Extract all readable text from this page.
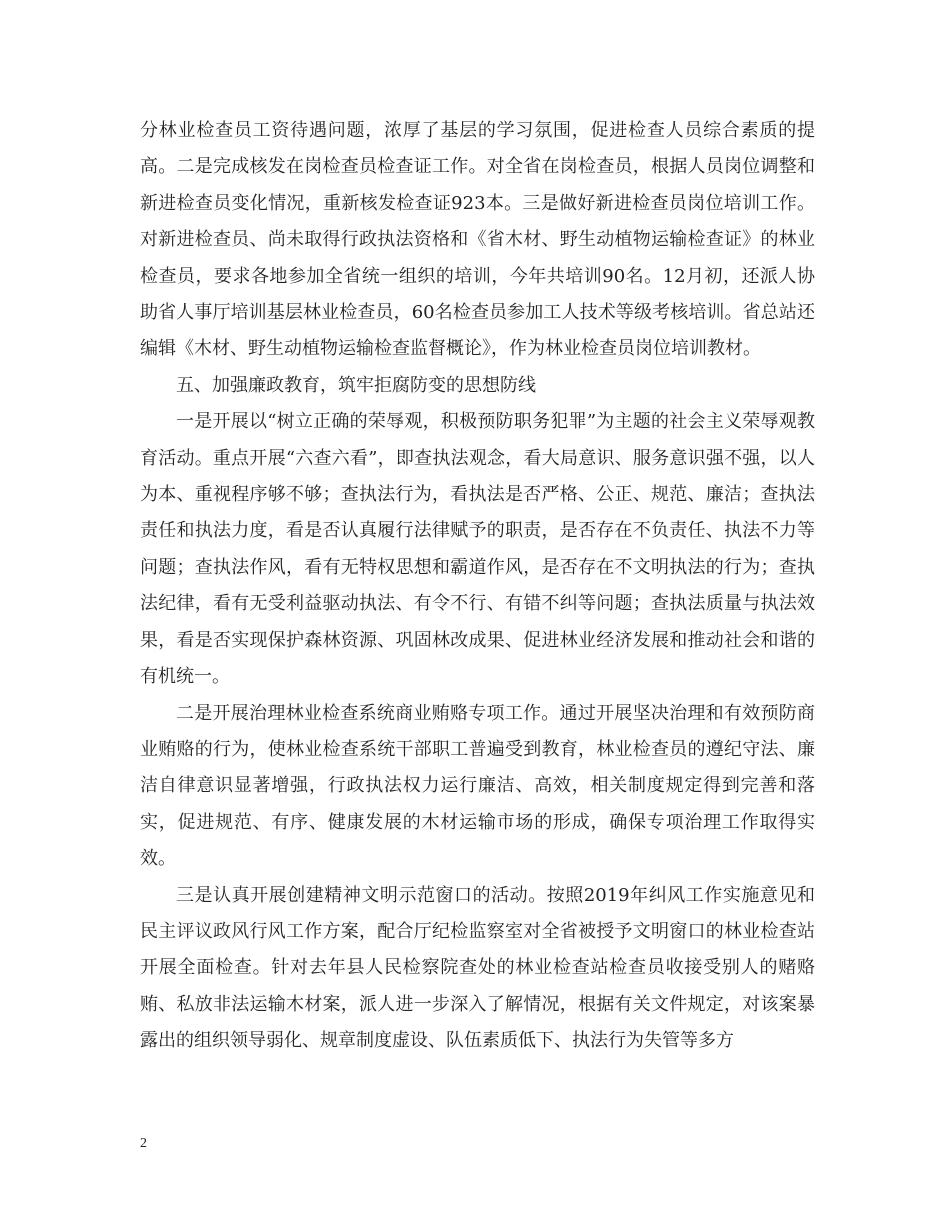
分林业检查员工资待遇问题，浓厚了基层的学习氛围，促进检查人员综合素质的提高。二是完成核发在岗检查员检查证工作。对全省在岗检查员，根据人员岗位调整和新进检查员变化情况，重新核发检查证923本。三是做好新进检查员岗位培训工作。对新进检查员、尚未取得行政执法资格和《省木材、野生动植物运输检查证》的林业检查员，要求各地参加全省统一组织的培训，今年共培训90名。12月初，还派人协助省人事厅培训基层林业检查员，60名检查员参加工人技术等级考核培训。省总站还编辑《木材、野生动植物运输检查监督概论》，作为林业检查员岗位培训教材。

五、加强廉政教育，筑牢拒腐防变的思想防线

一是开展以“树立正确的荣辱观，积极预防职务犯罪”为主题的社会主义荣辱观教育活动。重点开展“六查六看”，即查执法观念，看大局意识、服务意识强不强，以人为本、重视程序够不够；查执法行为，看执法是否严格、公正、规范、廉洁；查执法责任和执法力度，看是否认真履行法律赋予的职责，是否存在不负责任、执法不力等问题；查执法作风，看有无特权思想和霸道作风，是否存在不文明执法的行为；查执法纪律，看有无受利益驱动执法、有令不行、有错不纠等问题；查执法质量与执法效果，看是否实现保护森林资源、巩固林改成果、促进林业经济发展和推动社会和谐的有机统一。

二是开展治理林业检查系统商业贿赂专项工作。通过开展坚决治理和有效预防商业贿赂的行为，使林业检查系统干部职工普遍受到教育，林业检查员的遵纪守法、廉洁自律意识显著增强，行政执法权力运行廉洁、高效，相关制度规定得到完善和落实，促进规范、有序、健康发展的木材运输市场的形成，确保专项治理工作取得实效。

三是认真开展创建精神文明示范窗口的活动。按照2019年纠风工作实施意见和民主评议政风行风工作方案，配合厅纪检监察室对全省被授予文明窗口的林业检查站开展全面检查。针对去年县人民检察院查处的林业检查站检查员收接受别人的赌赂贿、私放非法运输木材案，派人进一步深入了解情况，根据有关文件规定，对该案暴露出的组织领导弱化、规章制度虚设、队伍素质低下、执法行为失管等多方

2
